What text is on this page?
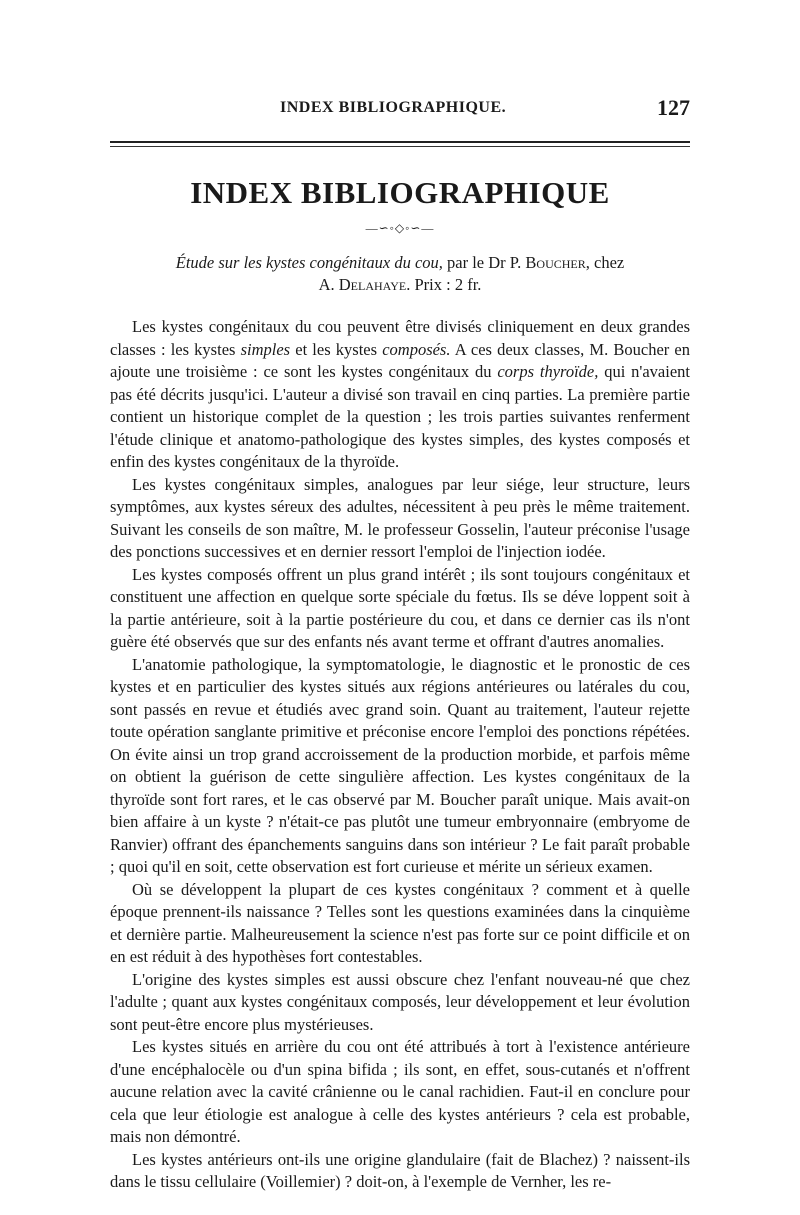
INDEX BIBLIOGRAPHIQUE.	127
INDEX BIBLIOGRAPHIQUE
—∽◦◇◦∽—
Étude sur les kystes congénitaux du cou, par le Dr P. Boucher, chez
A. Delahaye. Prix : 2 fr.

Les kystes congénitaux du cou peuvent être divisés cliniquement en deux grandes classes : les kystes simples et les kystes composés. A ces deux classes, M. Boucher en ajoute une troisième : ce sont les kystes congénitaux du corps thyroïde, qui n'avaient pas été décrits jusqu'ici. L'auteur a divisé son travail en cinq parties. La première partie contient un historique complet de la question ; les trois parties suivantes renferment l'étude clinique et anatomo-pathologique des kystes simples, des kystes composés et enfin des kystes congénitaux de la thyroïde.

Les kystes congénitaux simples, analogues par leur siége, leur structure, leurs symptômes, aux kystes séreux des adultes, nécessitent à peu près le même traitement. Suivant les conseils de son maître, M. le professeur Gosselin, l'auteur préconise l'usage des ponctions successives et en dernier ressort l'emploi de l'injection iodée.

Les kystes composés offrent un plus grand intérêt ; ils sont toujours congénitaux et constituent une affection en quelque sorte spéciale du fœtus. Ils se déve loppent soit à la partie antérieure, soit à la partie postérieure du cou, et dans ce dernier cas ils n'ont guère été observés que sur des enfants nés avant terme et offrant d'autres anomalies.

L'anatomie pathologique, la symptomatologie, le diagnostic et le pronostic de ces kystes et en particulier des kystes situés aux régions antérieures ou latérales du cou, sont passés en revue et étudiés avec grand soin. Quant au traitement, l'auteur rejette toute opération sanglante primitive et préconise encore l'emploi des ponctions répétées. On évite ainsi un trop grand accroissement de la production morbide, et parfois même on obtient la guérison de cette singulière affection. Les kystes congénitaux de la thyroïde sont fort rares, et le cas observé par M. Boucher paraît unique. Mais avait-on bien affaire à un kyste ? n'était-ce pas plutôt une tumeur embryonnaire (embryome de Ranvier) offrant des épanchements sanguins dans son intérieur ? Le fait paraît probable ; quoi qu'il en soit, cette observation est fort curieuse et mérite un sérieux examen.

Où se développent la plupart de ces kystes congénitaux ? comment et à quelle époque prennent-ils naissance ? Telles sont les questions examinées dans la cinquième et dernière partie. Malheureusement la science n'est pas forte sur ce point difficile et on en est réduit à des hypothèses fort contestables.

L'origine des kystes simples est aussi obscure chez l'enfant nouveau-né que chez l'adulte ; quant aux kystes congénitaux composés, leur développement et leur évolution sont peut-être encore plus mystérieuses.

Les kystes situés en arrière du cou ont été attribués à tort à l'existence antérieure d'une encéphalocèle ou d'un spina bifida ; ils sont, en effet, sous-cutanés et n'offrent aucune relation avec la cavité crânienne ou le canal rachidien. Faut-il en conclure pour cela que leur étiologie est analogue à celle des kystes antérieurs ? cela est probable, mais non démontré.

Les kystes antérieurs ont-ils une origine glandulaire (fait de Blachez) ? naissent-ils dans le tissu cellulaire (Voillemier) ? doit-on, à l'exemple de Vernher, les re-
